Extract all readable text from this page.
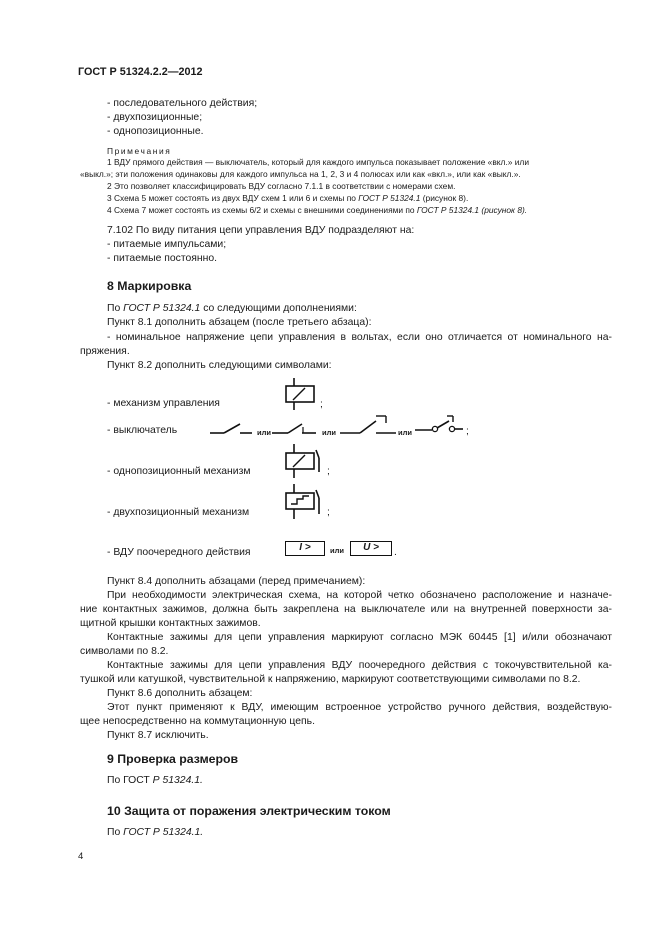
ГОСТ Р 51324.2.2—2012
- последовательного действия;
- двухпозиционные;
- однопозиционные.
Примечания
1 ВДУ прямого действия — выключатель, который для каждого импульса показывает положение «вкл.» или
«выкл.»; эти положения одинаковы для каждого импульса на 1, 2, 3 и 4 полюсах или как «вкл.», или как «выкл.».
2 Это позволяет классифицировать ВДУ согласно 7.1.1 в соответствии с номерами схем.
3 Схема 5 может состоять из двух ВДУ схем 1 или 6 и схемы по ГОСТ Р 51324.1 (рисунок 8).
4 Схема 7 может состоять из схемы 6/2 и схемы с внешними соединениями по ГОСТ Р 51324.1 (рисунок 8).
7.102 По виду питания цепи управления ВДУ подразделяют на:
- питаемые импульсами;
- питаемые постоянно.
8 Маркировка
По ГОСТ Р 51324.1 со следующими дополнениями:
Пункт 8.1 дополнить абзацем (после третьего абзаца):
- номинальное напряжение цепи управления в вольтах, если оно отличается от номинального на-
пряжения.
Пункт 8.2 дополнить следующими символами:
- механизм управления
- выключатель
- однопозиционный механизм
- двухпозиционный механизм
- ВДУ поочередного действия
;
или	или	или	;
;
;
I >	или	U >	.
Пункт 8.4 дополнить абзацами (перед примечанием):
При необходимости электрическая схема, на которой четко обозначено расположение и назначе-
ние контактных зажимов, должна быть закреплена на выключателе или на внутренней поверхности за-
щитной крышки контактных зажимов.
Контактные зажимы для цепи управления маркируют согласно МЭК 60445 [1] и/или обозначают
символами по 8.2.
Контактные зажимы для цепи управления ВДУ поочередного действия с токочувствительной ка-
тушкой или катушкой, чувствительной к напряжению, маркируют соответствующими символами по 8.2.
Пункт 8.6 дополнить абзацем:
Этот пункт применяют к ВДУ, имеющим встроенное устройство ручного действия, воздействую-
щее непосредственно на коммутационную цепь.
Пункт 8.7 исключить.
9 Проверка размеров
По ГОСТ Р 51324.1.
10 Защита от поражения электрическим током
По ГОСТ Р 51324.1.
4
